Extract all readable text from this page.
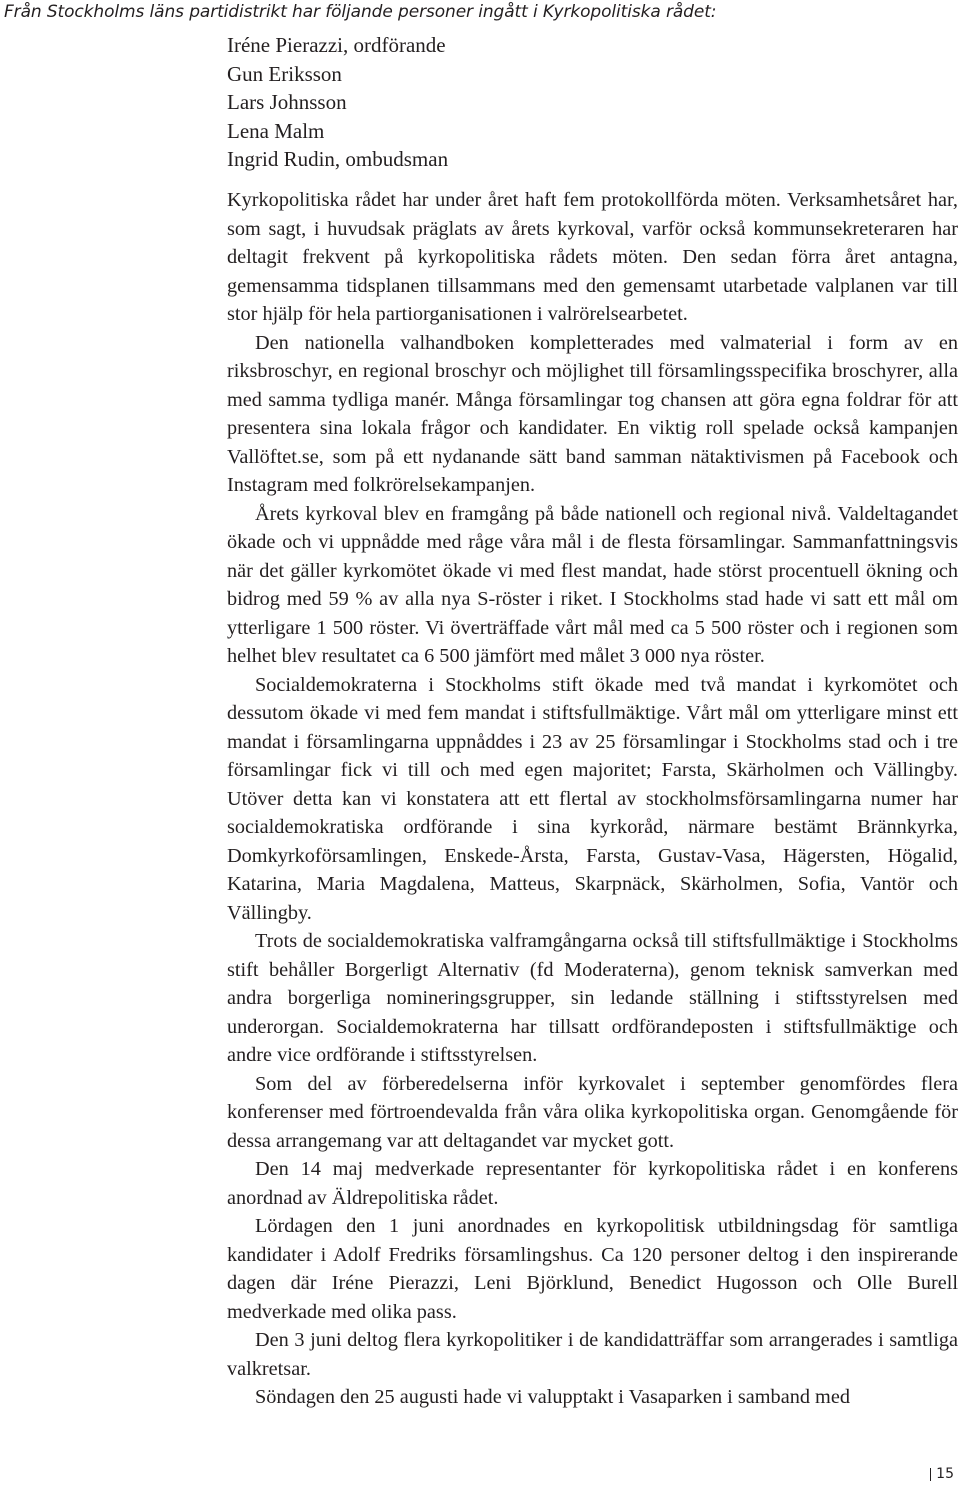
Från Stockholms läns partidistrikt har följande personer ingått i Kyrkopolitiska rådet:

Iréne Pierazzi, ordförande
Gun Eriksson
Lars Johnsson
Lena Malm
Ingrid Rudin, ombudsman

Kyrkopolitiska rådet har under året haft fem protokollförda möten. Verksamhetsåret har, som sagt, i huvudsak präglats av årets kyrkoval, varför också kommunsekreteraren har deltagit frekvent på kyrkopolitiska rådets möten. Den sedan förra året antagna, gemensamma tidsplanen tillsammans med den gemensamt utarbetade valplanen var till stor hjälp för hela partiorganisationen i valrörelsearbetet.

Den nationella valhandboken kompletterades med valmaterial i form av en riksbroschyr, en regional broschyr och möjlighet till församlingsspecifika broschyrer, alla med samma tydliga manér. Många församlingar tog chansen att göra egna foldrar för att presentera sina lokala frågor och kandidater. En viktig roll spelade också kampanjen Vallöftet.se, som på ett nydanande sätt band samman nätaktivismen på Facebook och Instagram med folkrörelsekampanjen.

Årets kyrkoval blev en framgång på både nationell och regional nivå. Valdeltagandet ökade och vi uppnådde med råge våra mål i de flesta församlingar. Sammanfattningsvis när det gäller kyrkomötet ökade vi med flest mandat, hade störst procentuell ökning och bidrog med 59 % av alla nya S-röster i riket. I Stockholms stad hade vi satt ett mål om ytterligare 1 500 röster. Vi överträffade vårt mål med ca 5 500 röster och i regionen som helhet blev resultatet ca 6 500 jämfört med målet 3 000 nya röster.

Socialdemokraterna i Stockholms stift ökade med två mandat i kyrkomötet och dessutom ökade vi med fem mandat i stiftsfullmäktige. Vårt mål om ytterligare minst ett mandat i församlingarna uppnåddes i 23 av 25 församlingar i Stockholms stad och i tre församlingar fick vi till och med egen majoritet; Farsta, Skärholmen och Vällingby. Utöver detta kan vi konstatera att ett flertal av stockholmsförsamlingarna numer har socialdemokratiska ordförande i sina kyrkoråd, närmare bestämt Brännkyrka, Domkyrkoförsamlingen, Enskede-Årsta, Farsta, Gustav-Vasa, Hägersten, Högalid, Katarina, Maria Magdalena, Matteus, Skarpnäck, Skärholmen, Sofia, Vantör och Vällingby.

Trots de socialdemokratiska valframgångarna också till stiftsfullmäktige i Stockholms stift behåller Borgerligt Alternativ (fd Moderaterna), genom teknisk samverkan med andra borgerliga nomineringsgrupper, sin ledande ställning i stiftsstyrelsen med underorgan. Socialdemokraterna har tillsatt ordförandeposten i stiftsfullmäktige och andre vice ordförande i stiftsstyrelsen.

Som del av förberedelserna inför kyrkovalet i september genomfördes flera konferenser med förtroendevalda från våra olika kyrkopolitiska organ. Genomgående för dessa arrangemang var att deltagandet var mycket gott.

Den 14 maj medverkade representanter för kyrkopolitiska rådet i en konferens anordnad av Äldrepolitiska rådet.

Lördagen den 1 juni anordnades en kyrkopolitisk utbildningsdag för samtliga kandidater i Adolf Fredriks församlingshus. Ca 120 personer deltog i den inspirerande dagen där Iréne Pierazzi, Leni Björklund, Benedict Hugosson och Olle Burell medverkade med olika pass.

Den 3 juni deltog flera kyrkopolitiker i de kandidatträffar som arrangerades i samtliga valkretsar.

Söndagen den 25 augusti hade vi valupptakt i Vasaparken i samband med

15
